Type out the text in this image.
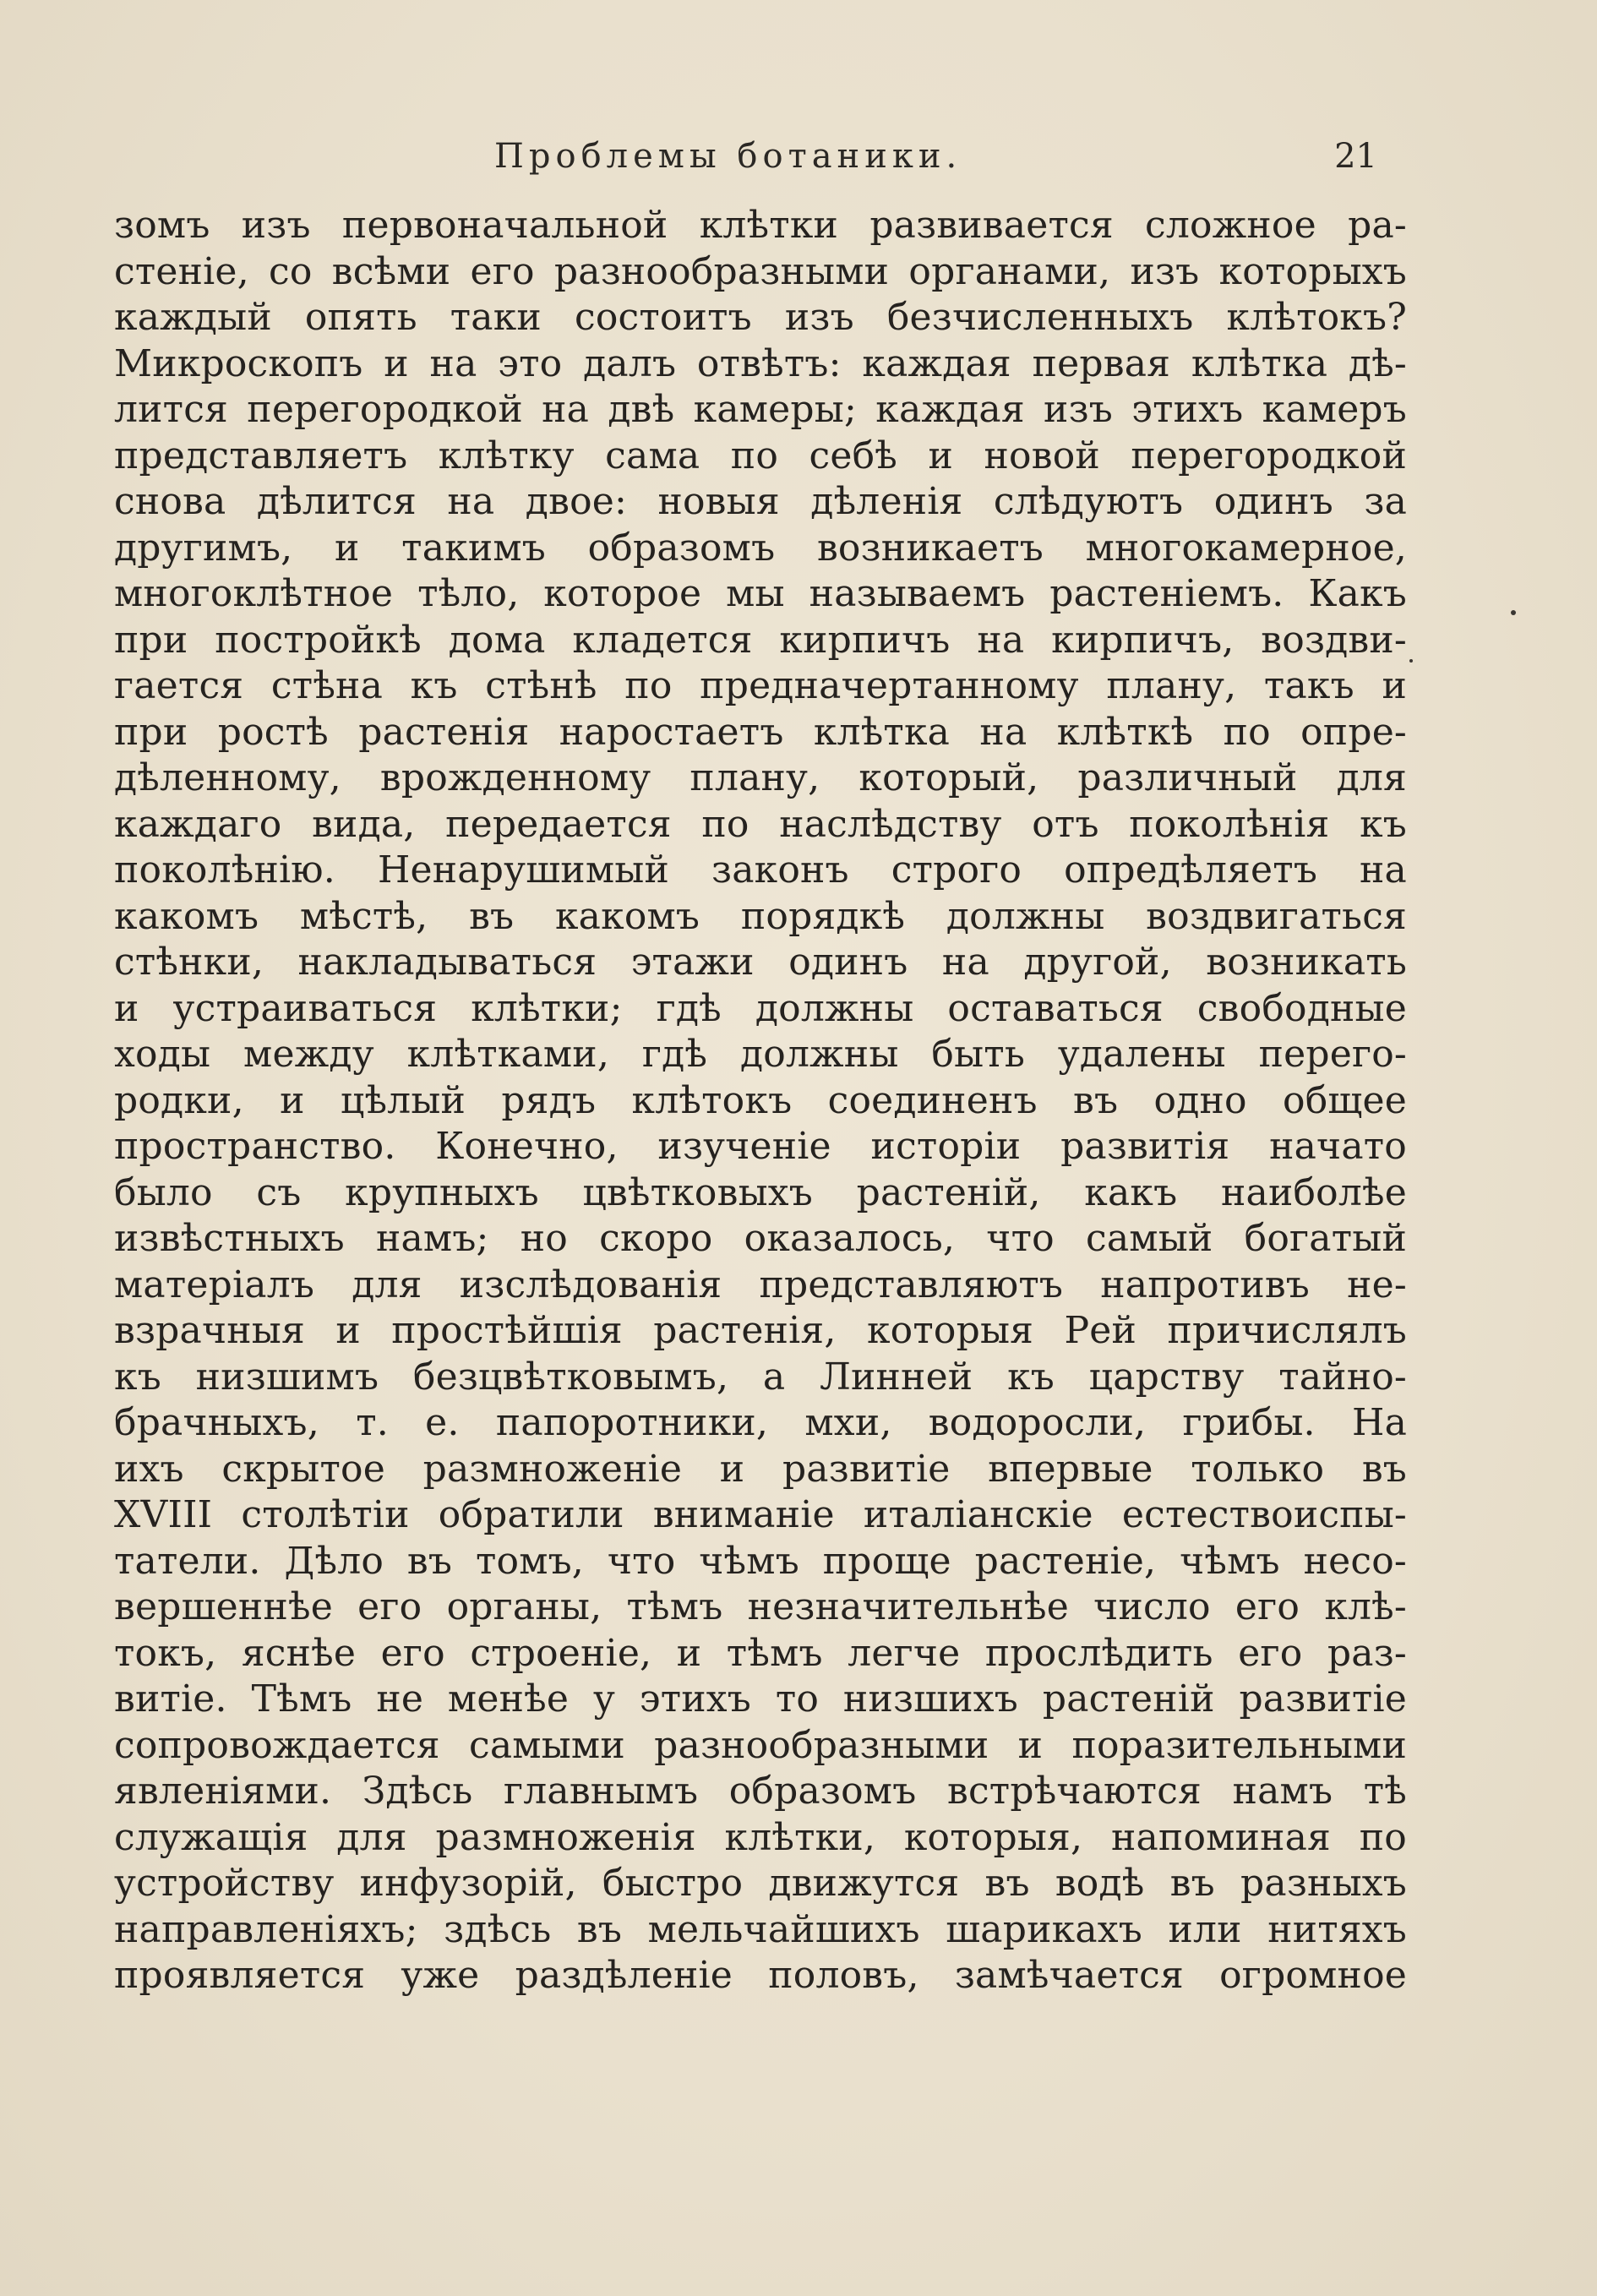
Проблемы ботаники.	21
зомъ изъ первоначальной клѣтки развивается сложное ра-
стеніе, со всѣми его разнообразными органами, изъ которыхъ
каждый опять таки состоитъ изъ безчисленныхъ клѣтокъ?
Микроскопъ и на это далъ отвѣтъ: каждая первая клѣтка дѣ-
лится перегородкой на двѣ камеры; каждая изъ этихъ камеръ
представляетъ клѣтку сама по себѣ и новой перегородкой
снова дѣлится на двое: новыя дѣленія слѣдуютъ одинъ за
другимъ, и такимъ образомъ возникаетъ многокамерное,
многоклѣтное тѣло, которое мы называемъ растеніемъ. Какъ
при постройкѣ дома кладется кирпичъ на кирпичъ, воздви-
гается стѣна къ стѣнѣ по предначертанному плану, такъ и
при ростѣ растенія наростаетъ клѣтка на клѣткѣ по опре-
дѣленному, врожденному плану, который, различный для
каждаго вида, передается по наслѣдству отъ поколѣнія къ
поколѣнію. Ненарушимый законъ строго опредѣляетъ на
какомъ мѣстѣ, въ какомъ порядкѣ должны воздвигаться
стѣнки, накладываться этажи одинъ на другой, возникать
и устраиваться клѣтки; гдѣ должны оставаться свободные
ходы между клѣтками, гдѣ должны быть удалены перего-
родки, и цѣлый рядъ клѣтокъ соединенъ въ одно общее
пространство. Конечно, изученіе исторіи развитія начато
было съ крупныхъ цвѣтковыхъ растеній, какъ наиболѣе
извѣстныхъ намъ; но скоро оказалось, что самый богатый
матеріалъ для изслѣдованія представляютъ напротивъ не-
взрачныя и простѣйшія растенія, которыя Рей причислялъ
къ низшимъ безцвѣтковымъ, а Линней къ царству тайно-
брачныхъ, т. е. папоротники, мхи, водоросли, грибы. На
ихъ скрытое размноженіе и развитіе впервые только въ
XVIII столѣтіи обратили вниманіе италіанскіе естествоиспы-
татели. Дѣло въ томъ, что чѣмъ проще растеніе, чѣмъ несо-
вершеннѣе его органы, тѣмъ незначительнѣе число его клѣ-
токъ, яснѣе его строеніе, и тѣмъ легче прослѣдить его раз-
витіе. Тѣмъ не менѣе у этихъ то низшихъ растеній развитіе
сопровождается самыми разнообразными и поразительными
явленіями. Здѣсь главнымъ образомъ встрѣчаются намъ тѣ
служащія для размноженія клѣтки, которыя, напоминая по
устройству инфузорій, быстро движутся въ водѣ въ разныхъ
направленіяхъ; здѣсь въ мельчайшихъ шарикахъ или нитяхъ
проявляется уже раздѣленіе половъ, замѣчается огромное
